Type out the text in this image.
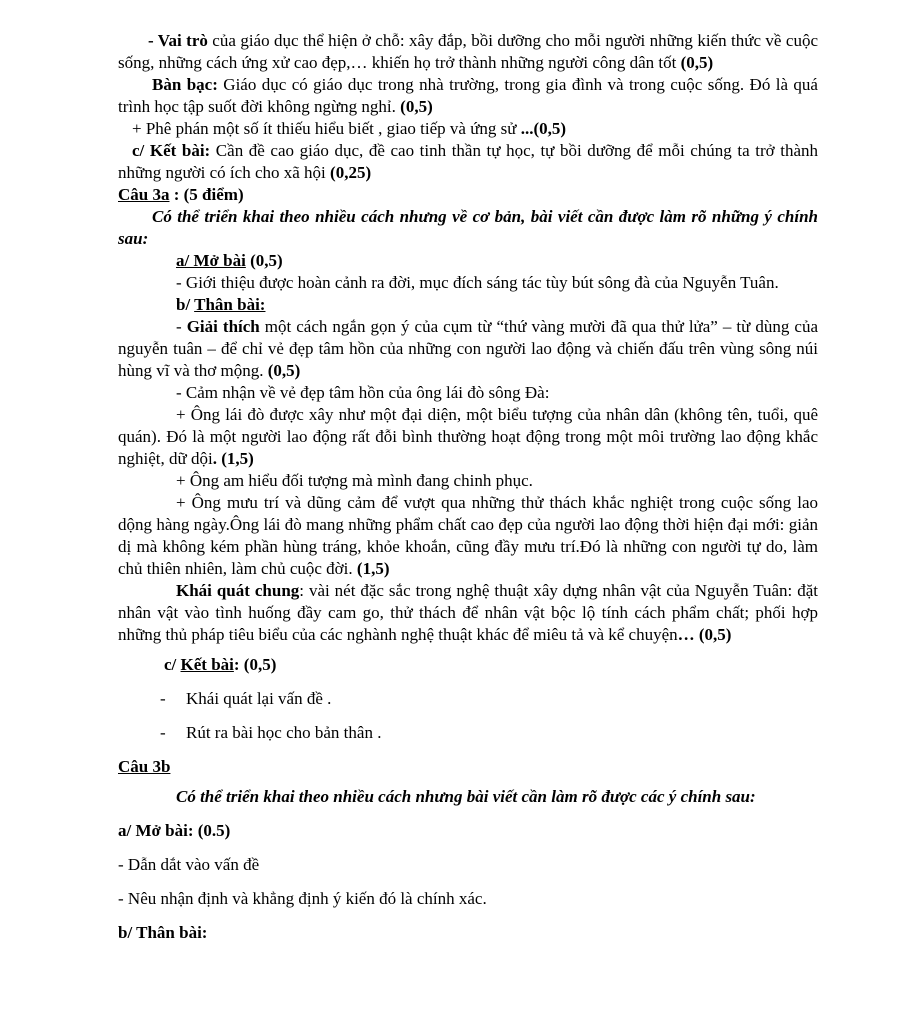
- Vai trò của giáo dục thể hiện ở chỗ: xây đắp, bồi dưỡng cho mỗi người những kiến thức về cuộc sống, những cách ứng xử cao đẹp,… khiến họ trở thành những người công dân tốt (0,5)

Bàn bạc: Giáo dục có giáo dục trong nhà trường, trong gia đình và trong cuộc sống. Đó là quá trình học tập suốt đời không ngừng nghỉ. (0,5)

+ Phê phán một số ít thiếu hiểu biết , giao tiếp và ứng sử ...(0,5)

c/ Kết bài: Cần đề cao giáo dục, đề cao tinh thần tự học, tự bồi dưỡng để mỗi chúng ta trở thành những người có ích cho xã hội (0,25)

Câu 3a : (5 điểm)

Có thể triển khai theo nhiều cách nhưng về cơ bản, bài viết cần được làm rõ những ý chính sau:

a/ Mở bài (0,5)

- Giới thiệu được hoàn cảnh ra đời, mục đích sáng tác tùy bút sông đà của Nguyễn Tuân.

b/ Thân bài:

- Giải thích một cách ngắn gọn ý của cụm từ “thứ vàng mười đã qua thử lửa” – từ dùng của nguyễn tuân – để chỉ vẻ đẹp tâm hồn của những con người lao động và chiến đấu trên vùng sông núi hùng vĩ và thơ mộng. (0,5)

- Cảm nhận về vẻ đẹp tâm hồn của ông lái đò sông Đà:

+ Ông lái đò được xây như một đại diện, một biểu tượng của nhân dân (không tên, tuổi, quê quán). Đó là một người lao động rất đỗi bình thường hoạt động trong một môi trường lao động khắc nghiệt, dữ dội. (1,5)

+ Ông am hiểu đối tượng mà mình đang chinh phục.

+ Ông mưu trí và dũng cảm để vượt qua những thử thách khắc nghiệt trong cuộc sống lao dộng hàng ngày.Ông lái đò mang những phẩm chất cao đẹp của người lao động thời hiện đại mới: giản dị mà không kém phần hùng tráng, khỏe khoắn, cũng đầy mưu trí.Đó là những con người tự do, làm chủ thiên nhiên, làm chủ cuộc đời. (1,5)

Khái quát chung: vài nét đặc sắc trong nghệ thuật xây dựng nhân vật của Nguyễn Tuân: đặt nhân vật vào tình huống đầy cam go, thử thách để nhân vật bộc lộ tính cách phẩm chất; phối hợp những thủ pháp tiêu biểu của các nghành nghệ thuật khác để miêu tả và kể chuyện… (0,5)

c/ Kết bài: (0,5)

-	Khái quát lại vấn đề .
-	Rút ra bài học cho bản thân .

Câu 3b

Có thể triển khai theo nhiều cách nhưng bài viết cần làm rõ được các ý chính sau:

a/ Mở bài: (0.5)

- Dẫn dắt vào vấn đề

- Nêu nhận định và khẳng định ý kiến đó là chính xác.

b/ Thân bài:
